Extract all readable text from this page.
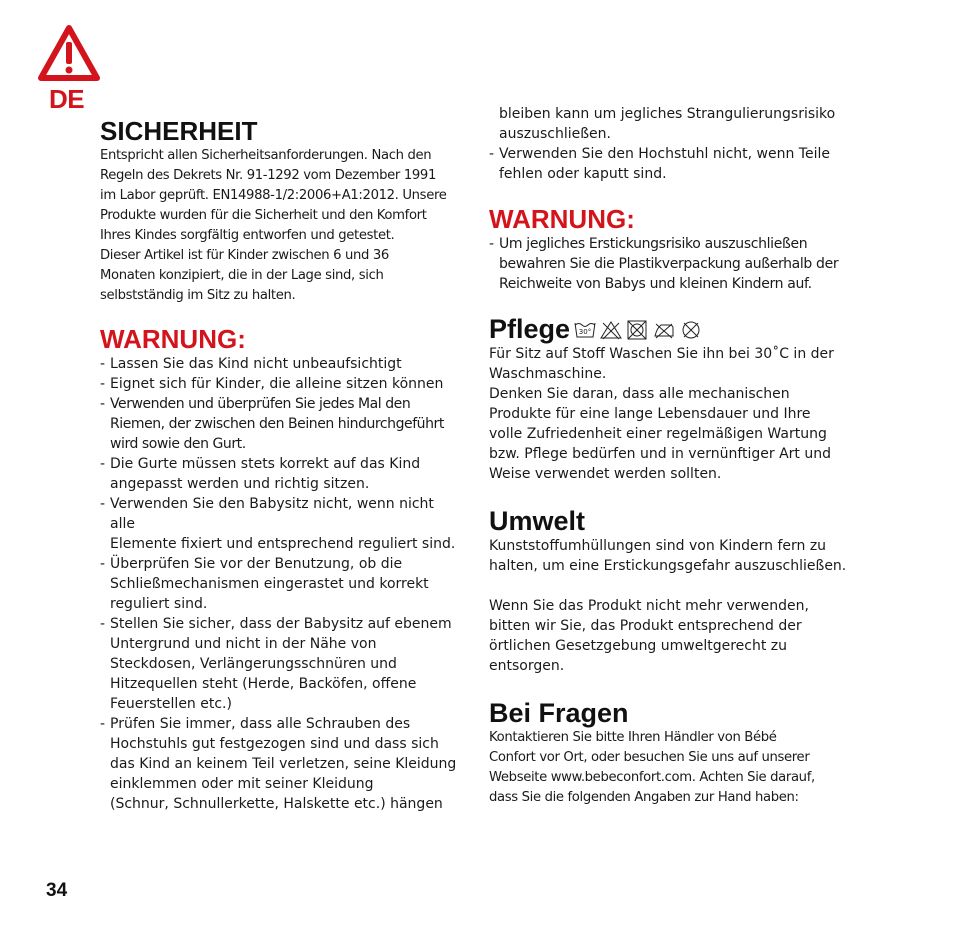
DE
SICHERHEIT

Entspricht allen Sicherheitsanforderungen. Nach den

Regeln des Dekrets Nr. 91-1292 vom Dezember 1991

im Labor geprüft. EN14988-1/2:2006+A1:2012. Unsere

Produkte wurden für die Sicherheit und den Komfort

Ihres Kindes sorgfältig entworfen und getestet.

Dieser Artikel ist für Kinder zwischen 6 und 36

Monaten konzipiert, die in der Lage sind, sich

selbstständig im Sitz zu halten.

WARNUNG:
- Lassen Sie das Kind nicht unbeaufsichtigt
- Eignet sich für Kinder, die alleine sitzen können
- Verwenden und überprüfen Sie jedes Mal den
Riemen, der zwischen den Beinen hindurchgeführt
wird sowie den Gurt.
- Die Gurte müssen stets korrekt auf das Kind
angepasst werden und richtig sitzen.
- Verwenden Sie den Babysitz nicht, wenn nicht alle
Elemente fixiert und entsprechend reguliert sind.
- Überprüfen Sie vor der Benutzung, ob die
Schließmechanismen eingerastet und korrekt
reguliert sind.
- Stellen Sie sicher, dass der Babysitz auf ebenem
Untergrund und nicht in der Nähe von
Steckdosen, Verlängerungsschnüren und
Hitzequellen steht (Herde, Backöfen, offene
Feuerstellen etc.)
- Prüfen Sie immer, dass alle Schrauben des
Hochstuhls gut festgezogen sind und dass sich
das Kind an keinem Teil verletzen, seine Kleidung
einklemmen oder mit seiner Kleidung
(Schnur, Schnullerkette, Halskette etc.) hängen
bleiben kann um jegliches Strangulierungsrisiko
auszuschließen.
- Verwenden Sie den Hochstuhl nicht, wenn Teile
fehlen oder kaputt sind.
WARNUNG:
- Um jegliches Erstickungsrisiko auszuschließen
bewahren Sie die Plastikverpackung außerhalb der
Reichweite von Babys und kleinen Kindern auf.
Pflege 30°

Für Sitz auf Stoff Waschen Sie ihn bei 30˚C in der

Waschmaschine.

Denken Sie daran, dass alle mechanischen

Produkte für eine lange Lebensdauer und Ihre

volle Zufriedenheit einer regelmäßigen Wartung

bzw. Pflege bedürfen und in vernünftiger Art und

Weise verwendet werden sollten.

Umwelt

Kunststoffumhüllungen sind von Kindern fern zu

halten, um eine Erstickungsgefahr auszuschließen.

Wenn Sie das Produkt nicht mehr verwenden,

bitten wir Sie, das Produkt entsprechend der

örtlichen Gesetzgebung umweltgerecht zu

entsorgen.

Bei Fragen

Kontaktieren Sie bitte Ihren Händler von Bébé

Confort vor Ort, oder besuchen Sie uns auf unserer

Webseite www.bebeconfort.com. Achten Sie darauf,

dass Sie die folgenden Angaben zur Hand haben:

34
